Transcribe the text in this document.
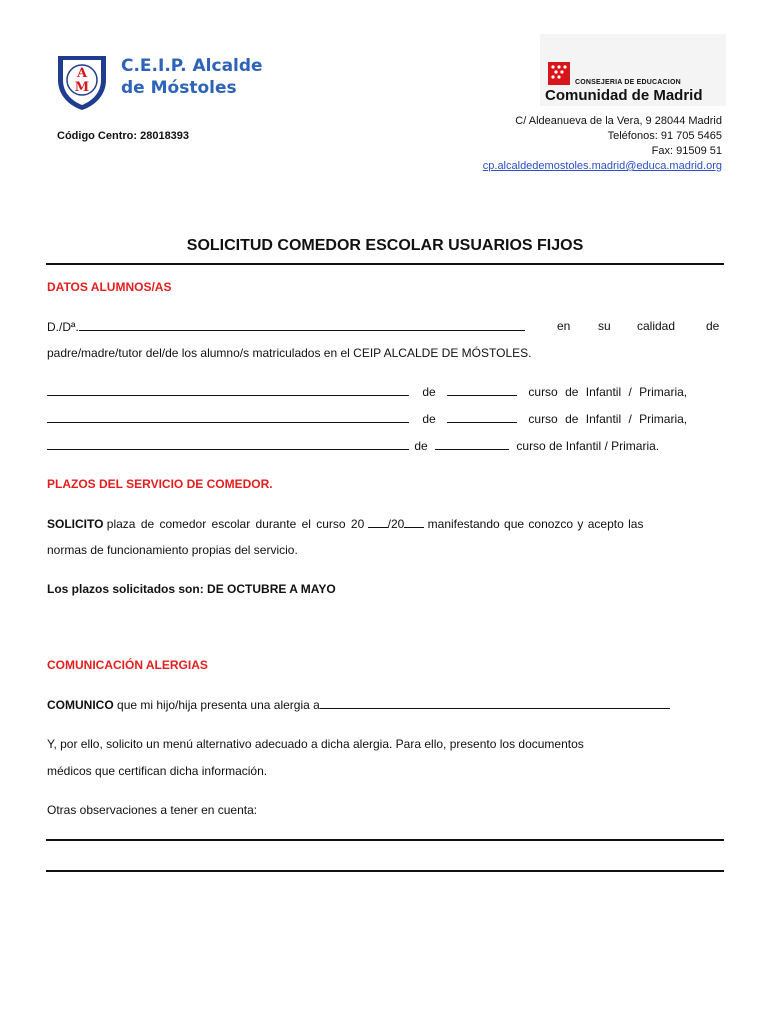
A
M
C.E.I.P. Alcalde
de Móstoles	CONSEJERIA DE EDUCACION
Comunidad de Madrid
Código Centro: 28018393
C/ Aldeanueva de la Vera, 9 28044 Madrid
Teléfonos: 91 705 5465
Fax: 91509 51
cp.alcaldedemostoles.madrid@educa.madrid.org
SOLICITUD COMEDOR ESCOLAR USUARIOS FIJOS
DATOS ALUMNOS/AS
D./Dª.	en su calidad	de
padre/madre/tutor del/de los alumno/s matriculados en el CEIP ALCALDE DE MÓSTOLES.
de	curso de Infantil / Primaria,
de	curso de Infantil / Primaria,
de	curso de Infantil / Primaria.
PLAZOS DEL SERVICIO DE COMEDOR.
SOLICITO plaza de comedor escolar durante el curso 20 /20 manifestando que conozco y acepto las
normas de funcionamiento propias del servicio.
Los plazos solicitados son: DE OCTUBRE A MAYO
COMUNICACIÓN ALERGIAS
COMUNICO que mi hijo/hija presenta una alergia a
Y, por ello, solicito un menú alternativo adecuado a dicha alergia. Para ello, presento los documentos
médicos que certifican dicha información.
Otras observaciones a tener en cuenta:
